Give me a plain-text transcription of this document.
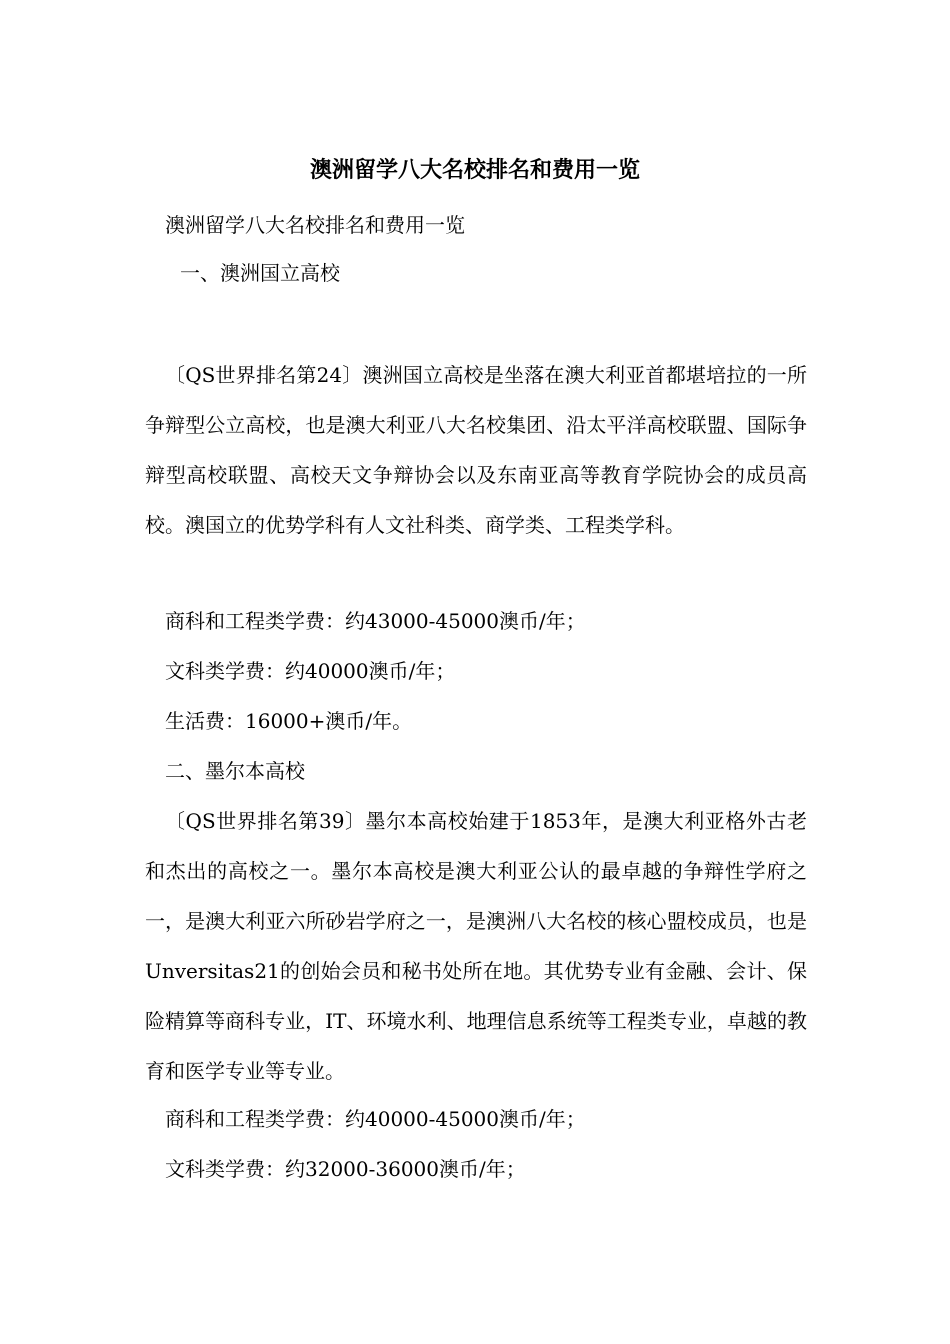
澳洲留学八大名校排名和费用一览
澳洲留学八大名校排名和费用一览
一、澳洲国立高校
〔QS世界排名第24〕澳洲国立高校是坐落在澳大利亚首都堪培拉的一所争辩型公立高校，也是澳大利亚八大名校集团、沿太平洋高校联盟、国际争辩型高校联盟、高校天文争辩协会以及东南亚高等教育学院协会的成员高校。澳国立的优势学科有人文社科类、商学类、工程类学科。
商科和工程类学费：约43000-45000澳币/年；
文科类学费：约40000澳币/年；
生活费：16000+澳币/年。
二、墨尔本高校
〔QS世界排名第39〕墨尔本高校始建于1853年，是澳大利亚格外古老和杰出的高校之一。墨尔本高校是澳大利亚公认的最卓越的争辩性学府之一，是澳大利亚六所砂岩学府之一，是澳洲八大名校的核心盟校成员，也是Unversitas21的创始会员和秘书处所在地。其优势专业有金融、会计、保险精算等商科专业，IT、环境水利、地理信息系统等工程类专业，卓越的教育和医学专业等专业。
商科和工程类学费：约40000-45000澳币/年；
文科类学费：约32000-36000澳币/年；
